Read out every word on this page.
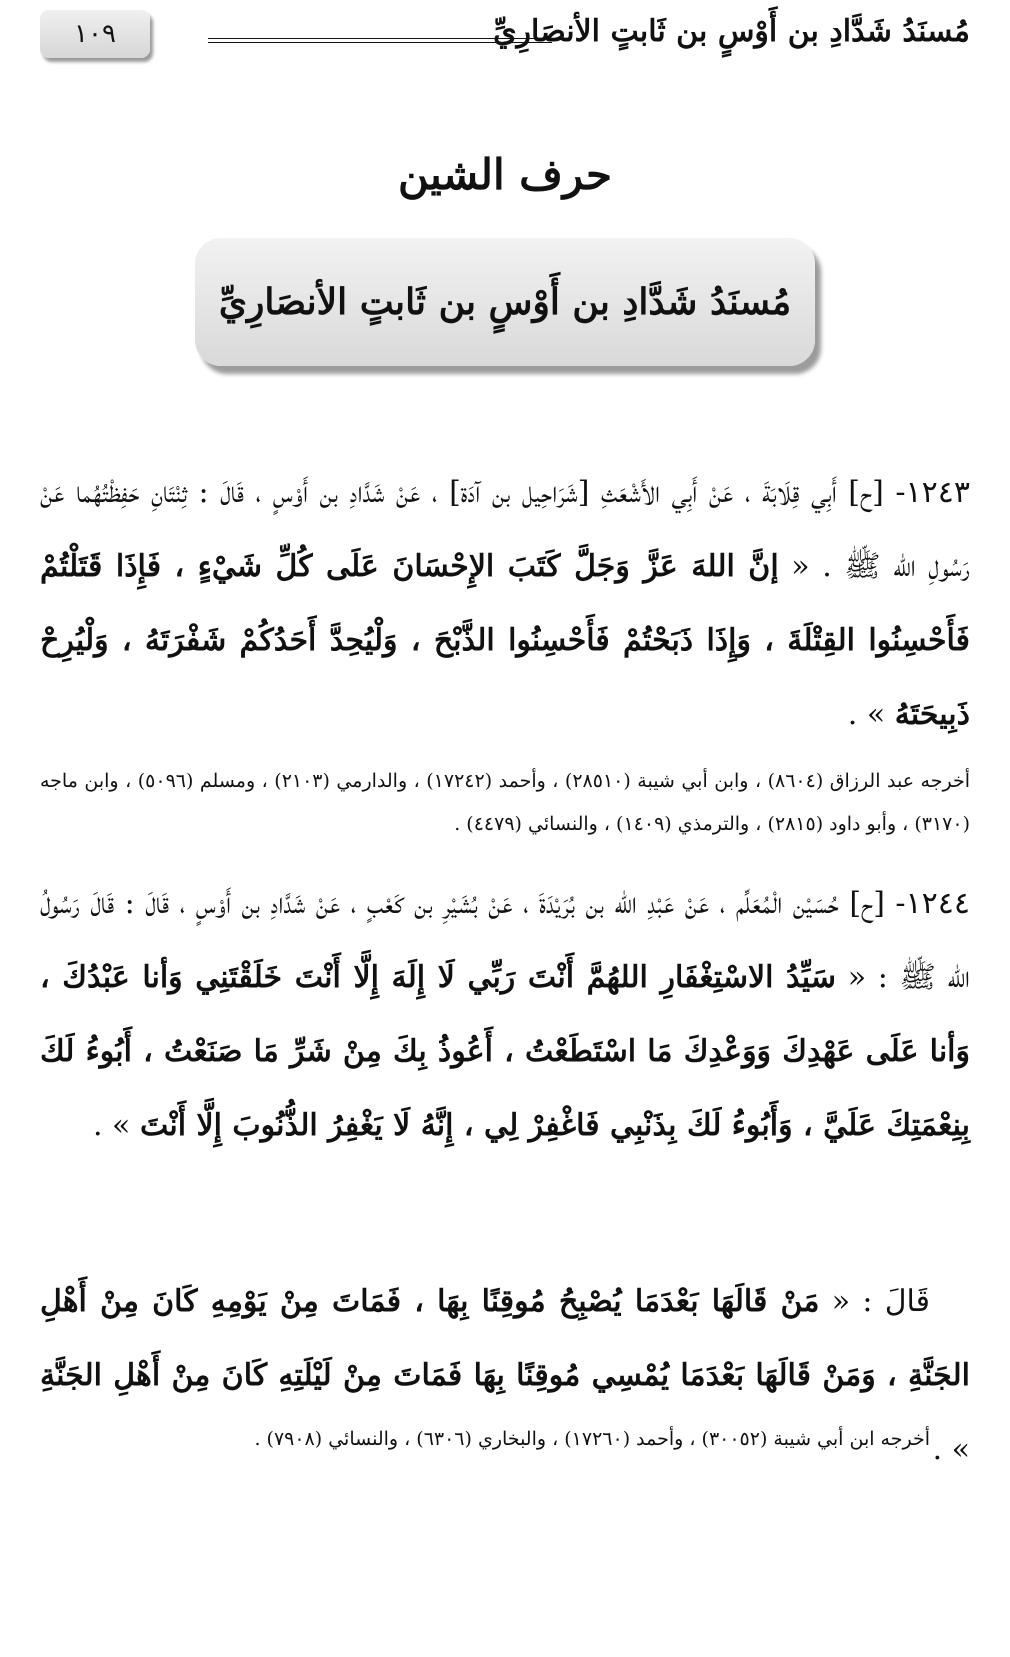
مُسنَدُ شَدَّادِ بن أَوْسٍ بن ثَابتٍ الأنصَارِيِّ
١٠٩
حرف الشين
مُسنَدُ شَدَّادِ بن أَوْسٍ بن ثَابتٍ الأنصَارِيِّ

١٢٤٣- [ح] أَبِي قِلَابَةَ ، عَنْ أَبِي الأَشْعَثِ [شَرَاحِيل بن آدَة] ، عَنْ شَدَّادِ بن أَوْسٍ ، قَالَ : ثِنْتَانِ حَفِظْتُهُما عَنْ رَسُولِ الله ﷺ . « إنَّ اللهَ عَزَّ وَجَلَّ كَتَبَ الإِحْسَانَ عَلَى كُلِّ شَيْءٍ ، فَإِذَا قَتَلْتُمْ فَأَحْسِنُوا القِتْلَةَ ، وَإِذَا ذَبَحْتُمْ فَأَحْسِنُوا الذَّبْحَ ، وَلْيُحِدَّ أَحَدُكُمْ شَفْرَتَهُ ، وَلْيُرِحْ ذَبِيحَتَهُ » .

أخرجه عبد الرزاق (٨٦٠٤) ، وابن أبي شيبة (٢٨٥١٠) ، وأحمد (١٧٢٤٢) ، والدارمي (٢١٠٣) ، ومسلم (٥٠٩٦) ، وابن ماجه (٣١٧٠) ، وأبو داود (٢٨١٥) ، والترمذي (١٤٠٩) ، والنسائي (٤٤٧٩) .

١٢٤٤- [ح] حُسَيْن الْمُعَلِّم ، عَنْ عَبْدِ الله بن بُرَيْدَةَ ، عَنْ بُشَيْرِ بن كَعْبٍ ، عَنْ شَدَّادِ بن أَوْسٍ ، قَالَ : قَالَ رَسُولُ الله ﷺ : « سَيِّدُ الاسْتِغْفَارِ اللهُمَّ أَنْتَ رَبِّي لَا إِلَهَ إِلَّا أَنْتَ خَلَقْتَنِي وَأنا عَبْدُكَ ، وَأنا عَلَى عَهْدِكَ وَوَعْدِكَ مَا اسْتَطَعْتُ ، أَعُوذُ بِكَ مِنْ شَرِّ مَا صَنَعْتُ ، أَبُوءُ لَكَ بِنِعْمَتِكَ عَلَيَّ ، وَأَبُوءُ لَكَ بِذَنْبِي فَاغْفِرْ لِي ، إِنَّهُ لَا يَغْفِرُ الذُّنُوبَ إِلَّا أَنْتَ » .

قَالَ : « مَنْ قَالَهَا بَعْدَمَا يُصْبِحُ مُوقِنًا بِهَا ، فَمَاتَ مِنْ يَوْمِهِ كَانَ مِنْ أَهْلِ الجَنَّةِ ، وَمَنْ قَالَهَا بَعْدَمَا يُمْسِي مُوقِنًا بِهَا فَمَاتَ مِنْ لَيْلَتِهِ كَانَ مِنْ أَهْلِ الجَنَّةِ » .

أخرجه ابن أبي شيبة (٣٠٠٥٢) ، وأحمد (١٧٢٦٠) ، والبخاري (٦٣٠٦) ، والنسائي (٧٩٠٨) .
